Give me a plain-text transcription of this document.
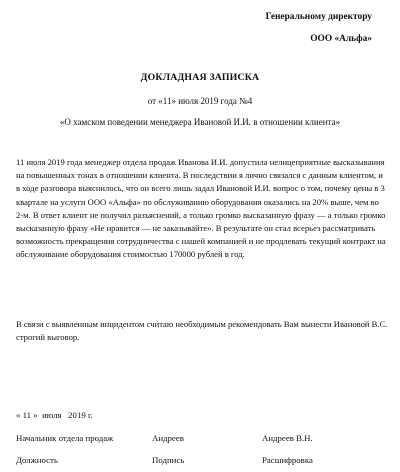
Генеральному директору
ООО «Альфа»
ДОКЛАДНАЯ ЗАПИСКА
от «11» июля 2019 года №4
«О хамском поведении менеджера Ивановой И.И. в отношении клиента»
11 июля 2019 года менеджер отдела продаж Иванова И.И. допустила нелицеприятные высказывания на повышенных тонах в отношении клиента. В последствии я лично связался с данным клиентом, и в ходе разговора выяснилось, что он всего лишь задал Ивановой И.И. вопрос о том, почему цены в 3 квартале на услуги ООО «Альфа» по обслуживанию оборудования оказались на 20% выше, чем во 2-м. В ответ клиент не получил разъяснений, а только громко высказанную фразу — а только громко высказанную фразу «Не нравится — не заказывайте». В результате он стал всерьез рассматривать возможность прекращения сотрудничества с нашей компанией и не продлевать текущий контракт на обслуживание оборудования стоимостью 170000 рублей в год.
В связи с выявленным инцидентом считаю необходимым рекомендовать Вам вынести Ивановой В.С. строгий выговор.
« 11 »  июля   2019 г.
Начальник отдела продаж	Андреев	Андреев В.Н.
Должность	Подпись	Расшифровка
